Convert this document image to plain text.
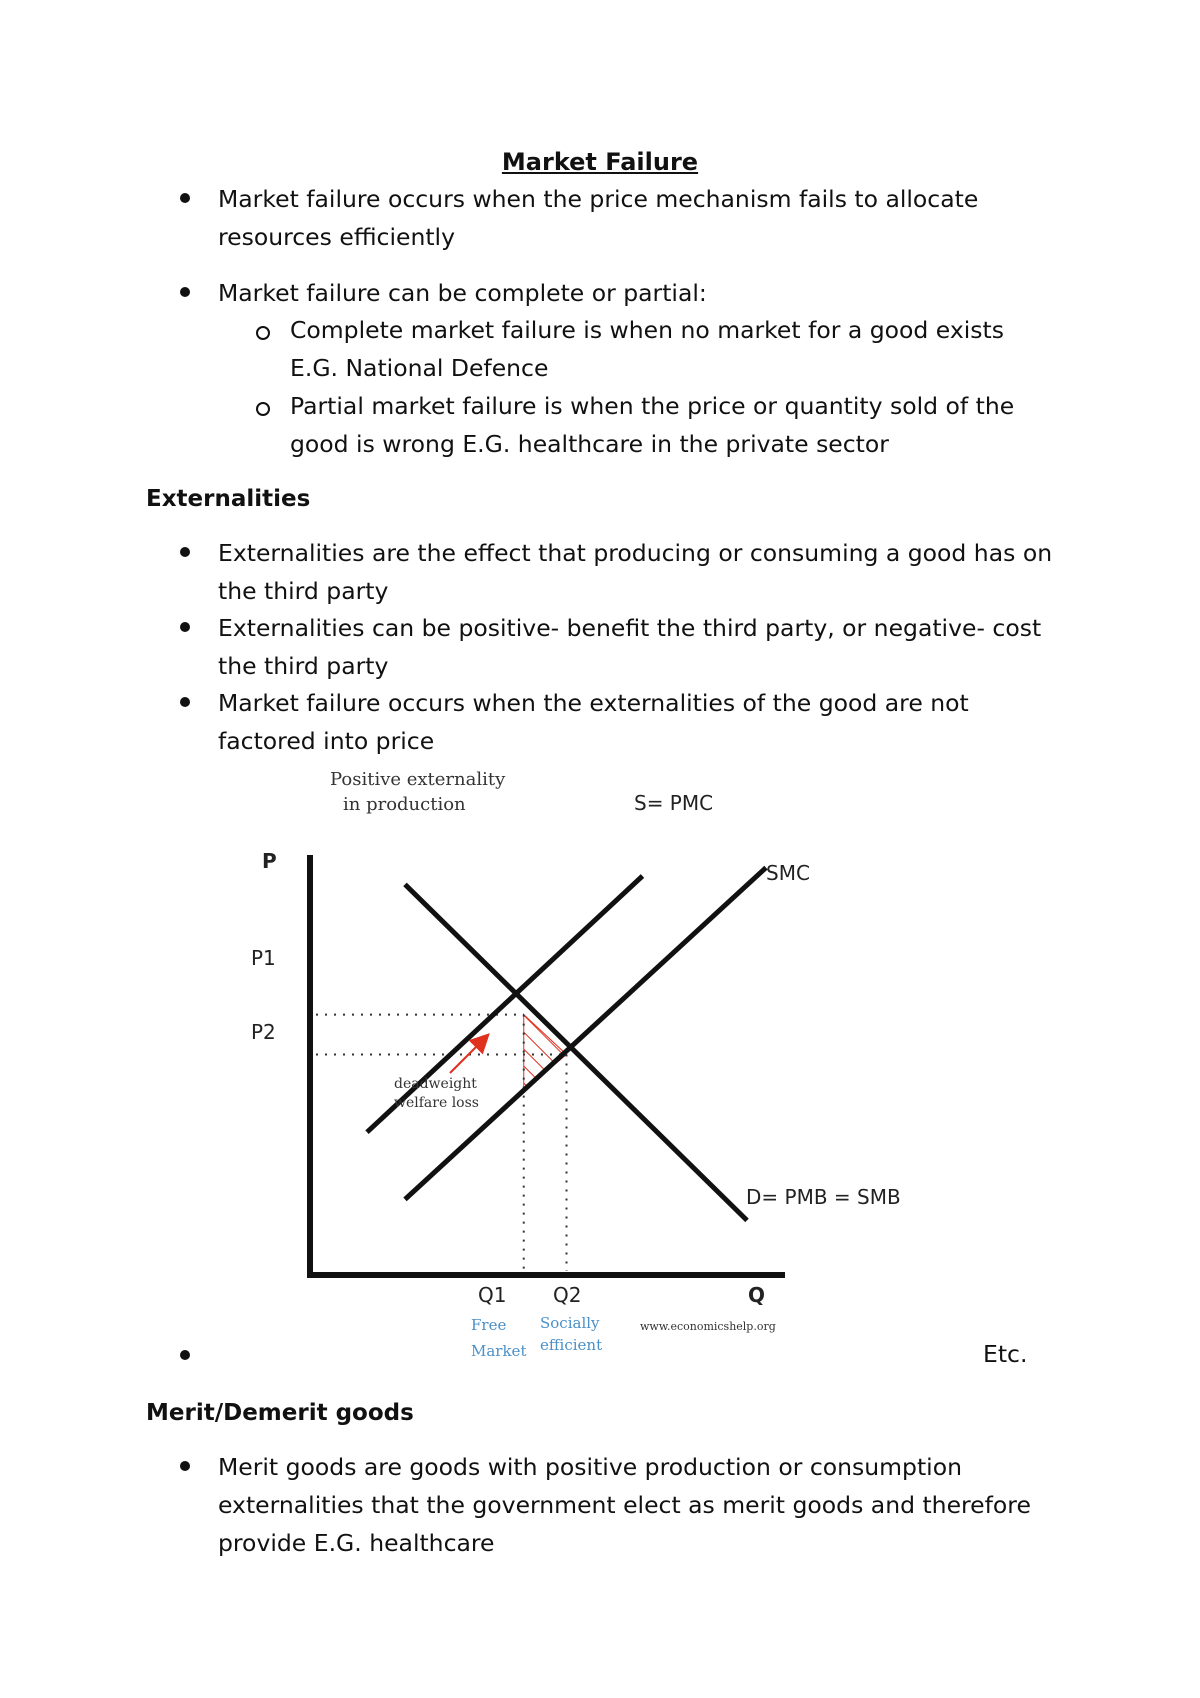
Market Failure
Market failure occurs when the price mechanism fails to allocate resources efficiently
Market failure can be complete or partial:
Complete market failure is when no market for a good exists E.G. National Defence
Partial market failure is when the price or quantity sold of the good is wrong E.G. healthcare in the private sector
Externalities
Externalities are the effect that producing or consuming a good has on the third party
Externalities can be positive- benefit the third party, or negative- cost the third party
Market failure occurs when the externalities of the good are not factored into price
Positive externality
in production
P
Q
P1
P2
Q1 Q2
Free
Market
Socially
efficient
S= PMC
SMC
D= PMB = SMB
deadweight
welfare loss
www.economicshelp.org
Etc.
Merit/Demerit goods
Merit goods are goods with positive production or consumption externalities that the government elect as merit goods and therefore provide E.G. healthcare
